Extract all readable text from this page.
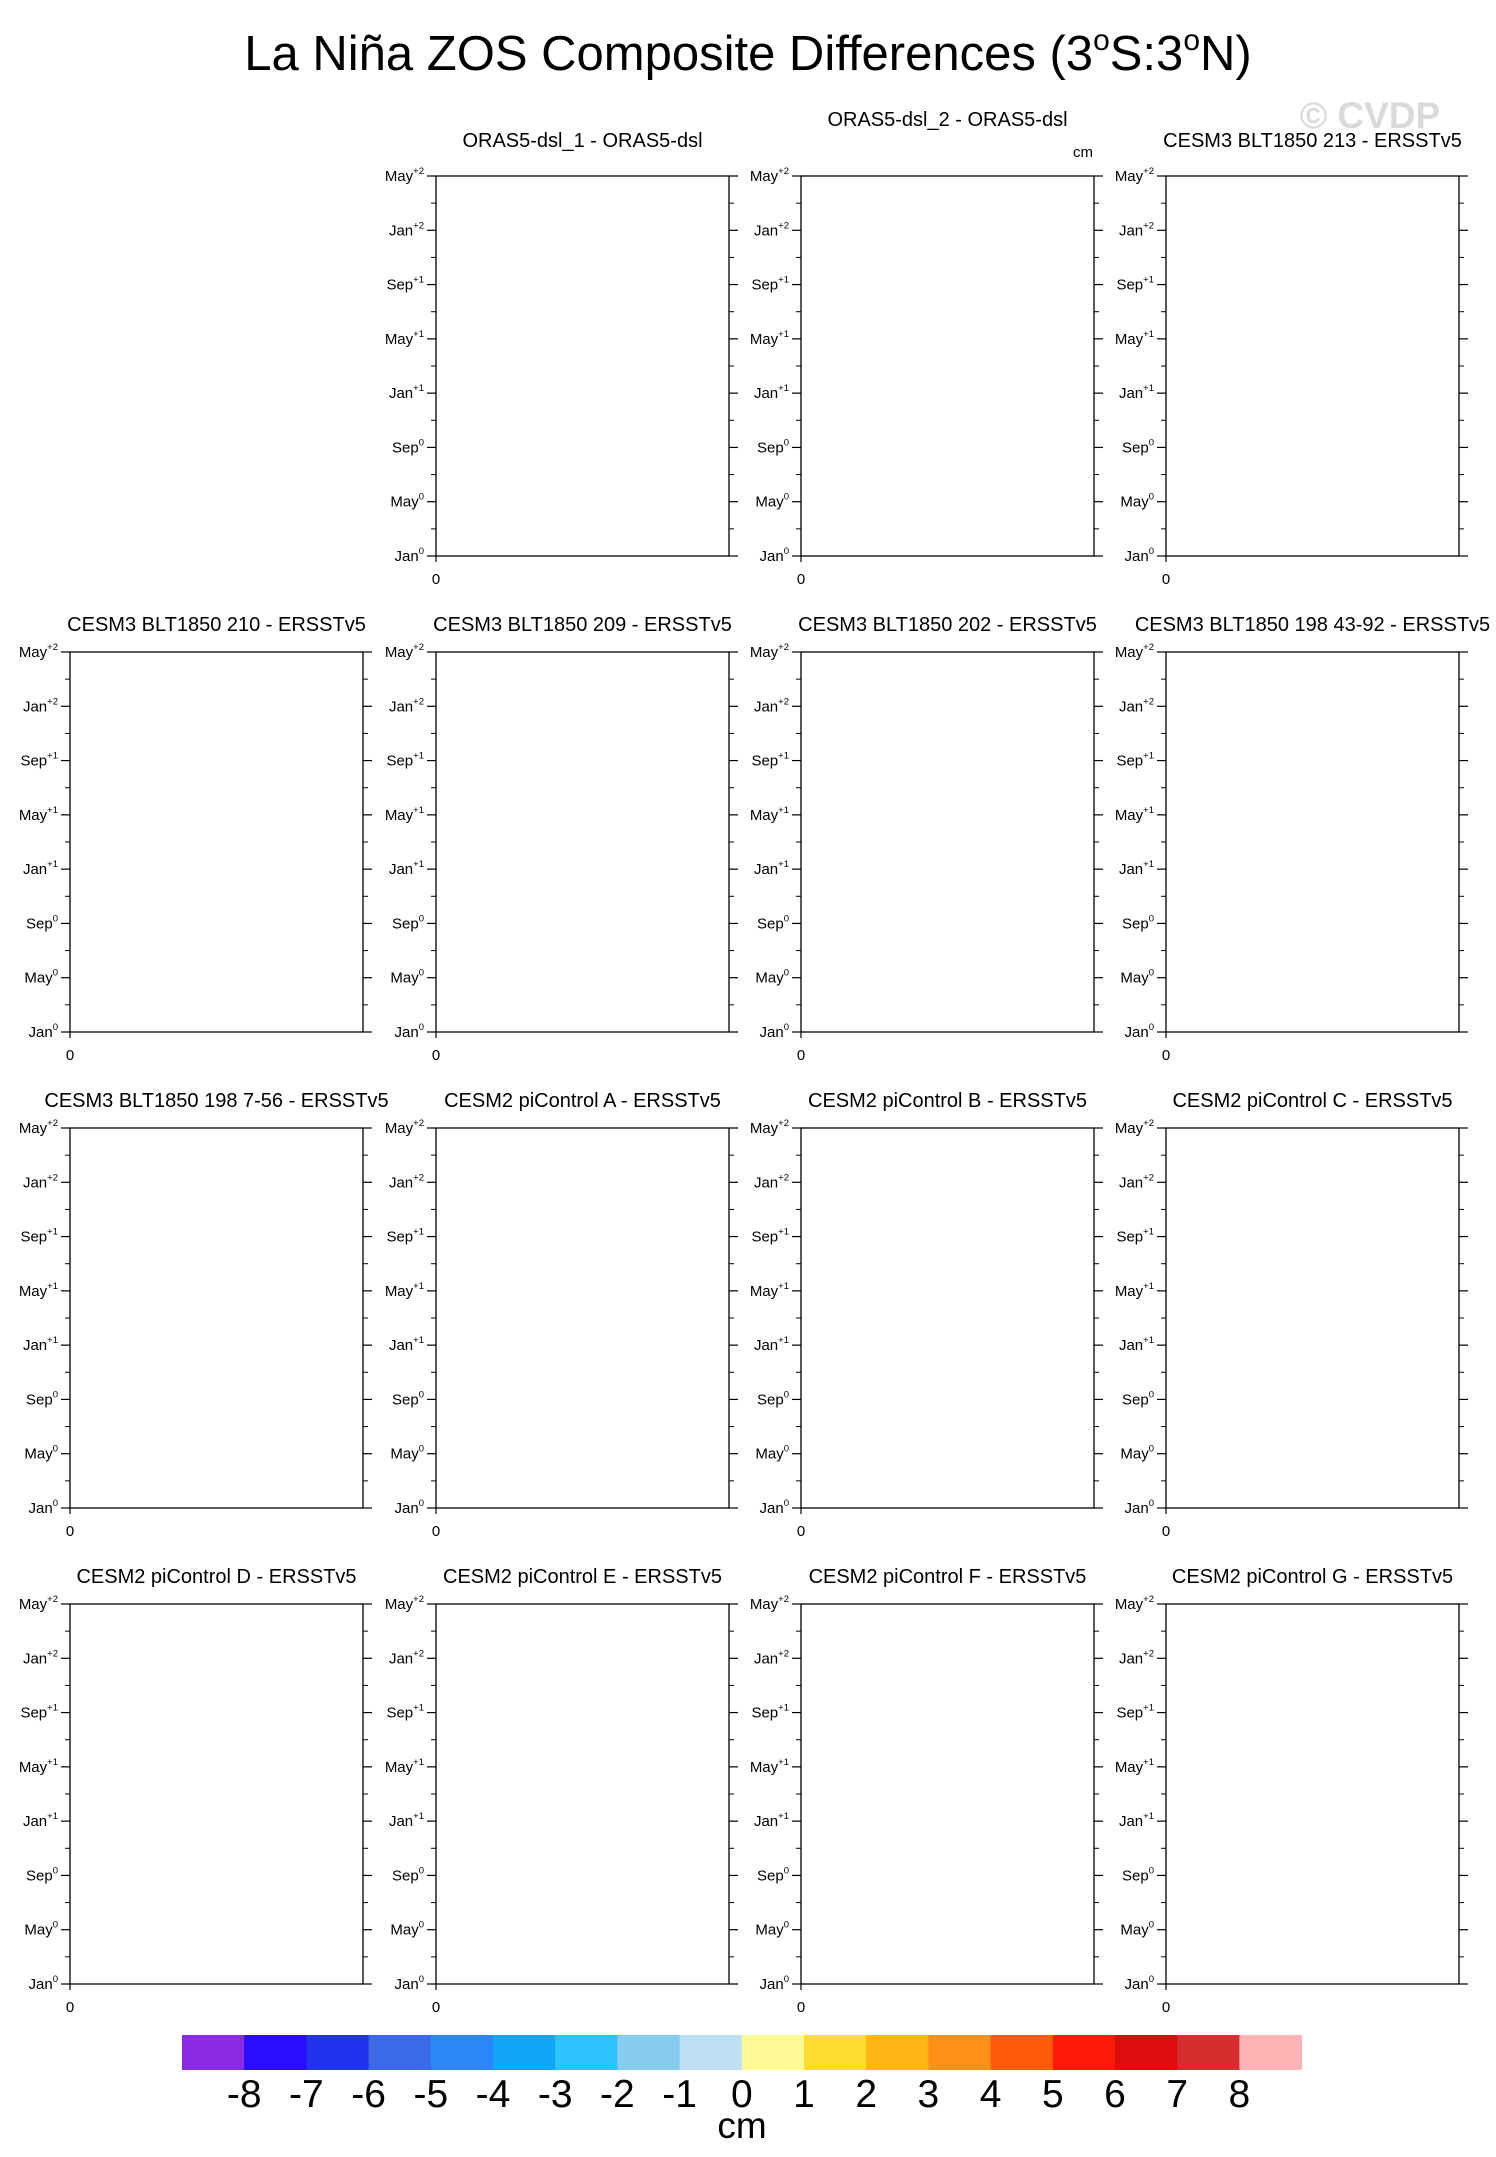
La Niña ZOS Composite Differences (3$^o$S:3$^o$N)
© CVDP
cm
ORAS5-dsl_1 - ORAS5-dsl
May$^{+2}$
Jan$^{+2}$
Sep$^{+1}$
May$^{+1}$
Jan$^{+1}$
Sep$^0$
May$^0$
Jan$^0$
0
ORAS5-dsl_2 - ORAS5-dsl
May$^{+2}$
Jan$^{+2}$
Sep$^{+1}$
May$^{+1}$
Jan$^{+1}$
Sep$^0$
May$^0$
Jan$^0$
0
CESM3 BLT1850 213 - ERSSTv5
May$^{+2}$
Jan$^{+2}$
Sep$^{+1}$
May$^{+1}$
Jan$^{+1}$
Sep$^0$
May$^0$
Jan$^0$
0
CESM3 BLT1850 210 - ERSSTv5
May$^{+2}$
Jan$^{+2}$
Sep$^{+1}$
May$^{+1}$
Jan$^{+1}$
Sep$^0$
May$^0$
Jan$^0$
0
CESM3 BLT1850 209 - ERSSTv5
May$^{+2}$
Jan$^{+2}$
Sep$^{+1}$
May$^{+1}$
Jan$^{+1}$
Sep$^0$
May$^0$
Jan$^0$
0
CESM3 BLT1850 202 - ERSSTv5
May$^{+2}$
Jan$^{+2}$
Sep$^{+1}$
May$^{+1}$
Jan$^{+1}$
Sep$^0$
May$^0$
Jan$^0$
0
CESM3 BLT1850 198 43-92 - ERSSTv5
May$^{+2}$
Jan$^{+2}$
Sep$^{+1}$
May$^{+1}$
Jan$^{+1}$
Sep$^0$
May$^0$
Jan$^0$
0
CESM3 BLT1850 198 7-56 - ERSSTv5
May$^{+2}$
Jan$^{+2}$
Sep$^{+1}$
May$^{+1}$
Jan$^{+1}$
Sep$^0$
May$^0$
Jan$^0$
0
CESM2 piControl A - ERSSTv5
May$^{+2}$
Jan$^{+2}$
Sep$^{+1}$
May$^{+1}$
Jan$^{+1}$
Sep$^0$
May$^0$
Jan$^0$
0
CESM2 piControl B - ERSSTv5
May$^{+2}$
Jan$^{+2}$
Sep$^{+1}$
May$^{+1}$
Jan$^{+1}$
Sep$^0$
May$^0$
Jan$^0$
0
CESM2 piControl C - ERSSTv5
May$^{+2}$
Jan$^{+2}$
Sep$^{+1}$
May$^{+1}$
Jan$^{+1}$
Sep$^0$
May$^0$
Jan$^0$
0
CESM2 piControl D - ERSSTv5
May$^{+2}$
Jan$^{+2}$
Sep$^{+1}$
May$^{+1}$
Jan$^{+1}$
Sep$^0$
May$^0$
Jan$^0$
0
CESM2 piControl E - ERSSTv5
May$^{+2}$
Jan$^{+2}$
Sep$^{+1}$
May$^{+1}$
Jan$^{+1}$
Sep$^0$
May$^0$
Jan$^0$
0
CESM2 piControl F - ERSSTv5
May$^{+2}$
Jan$^{+2}$
Sep$^{+1}$
May$^{+1}$
Jan$^{+1}$
Sep$^0$
May$^0$
Jan$^0$
0
CESM2 piControl G - ERSSTv5
May$^{+2}$
Jan$^{+2}$
Sep$^{+1}$
May$^{+1}$
Jan$^{+1}$
Sep$^0$
May$^0$
Jan$^0$
0
-8 -7 -6 -5 -4 -3 -2 -1 0 1 2 3 4 5 6 7 8
cm
